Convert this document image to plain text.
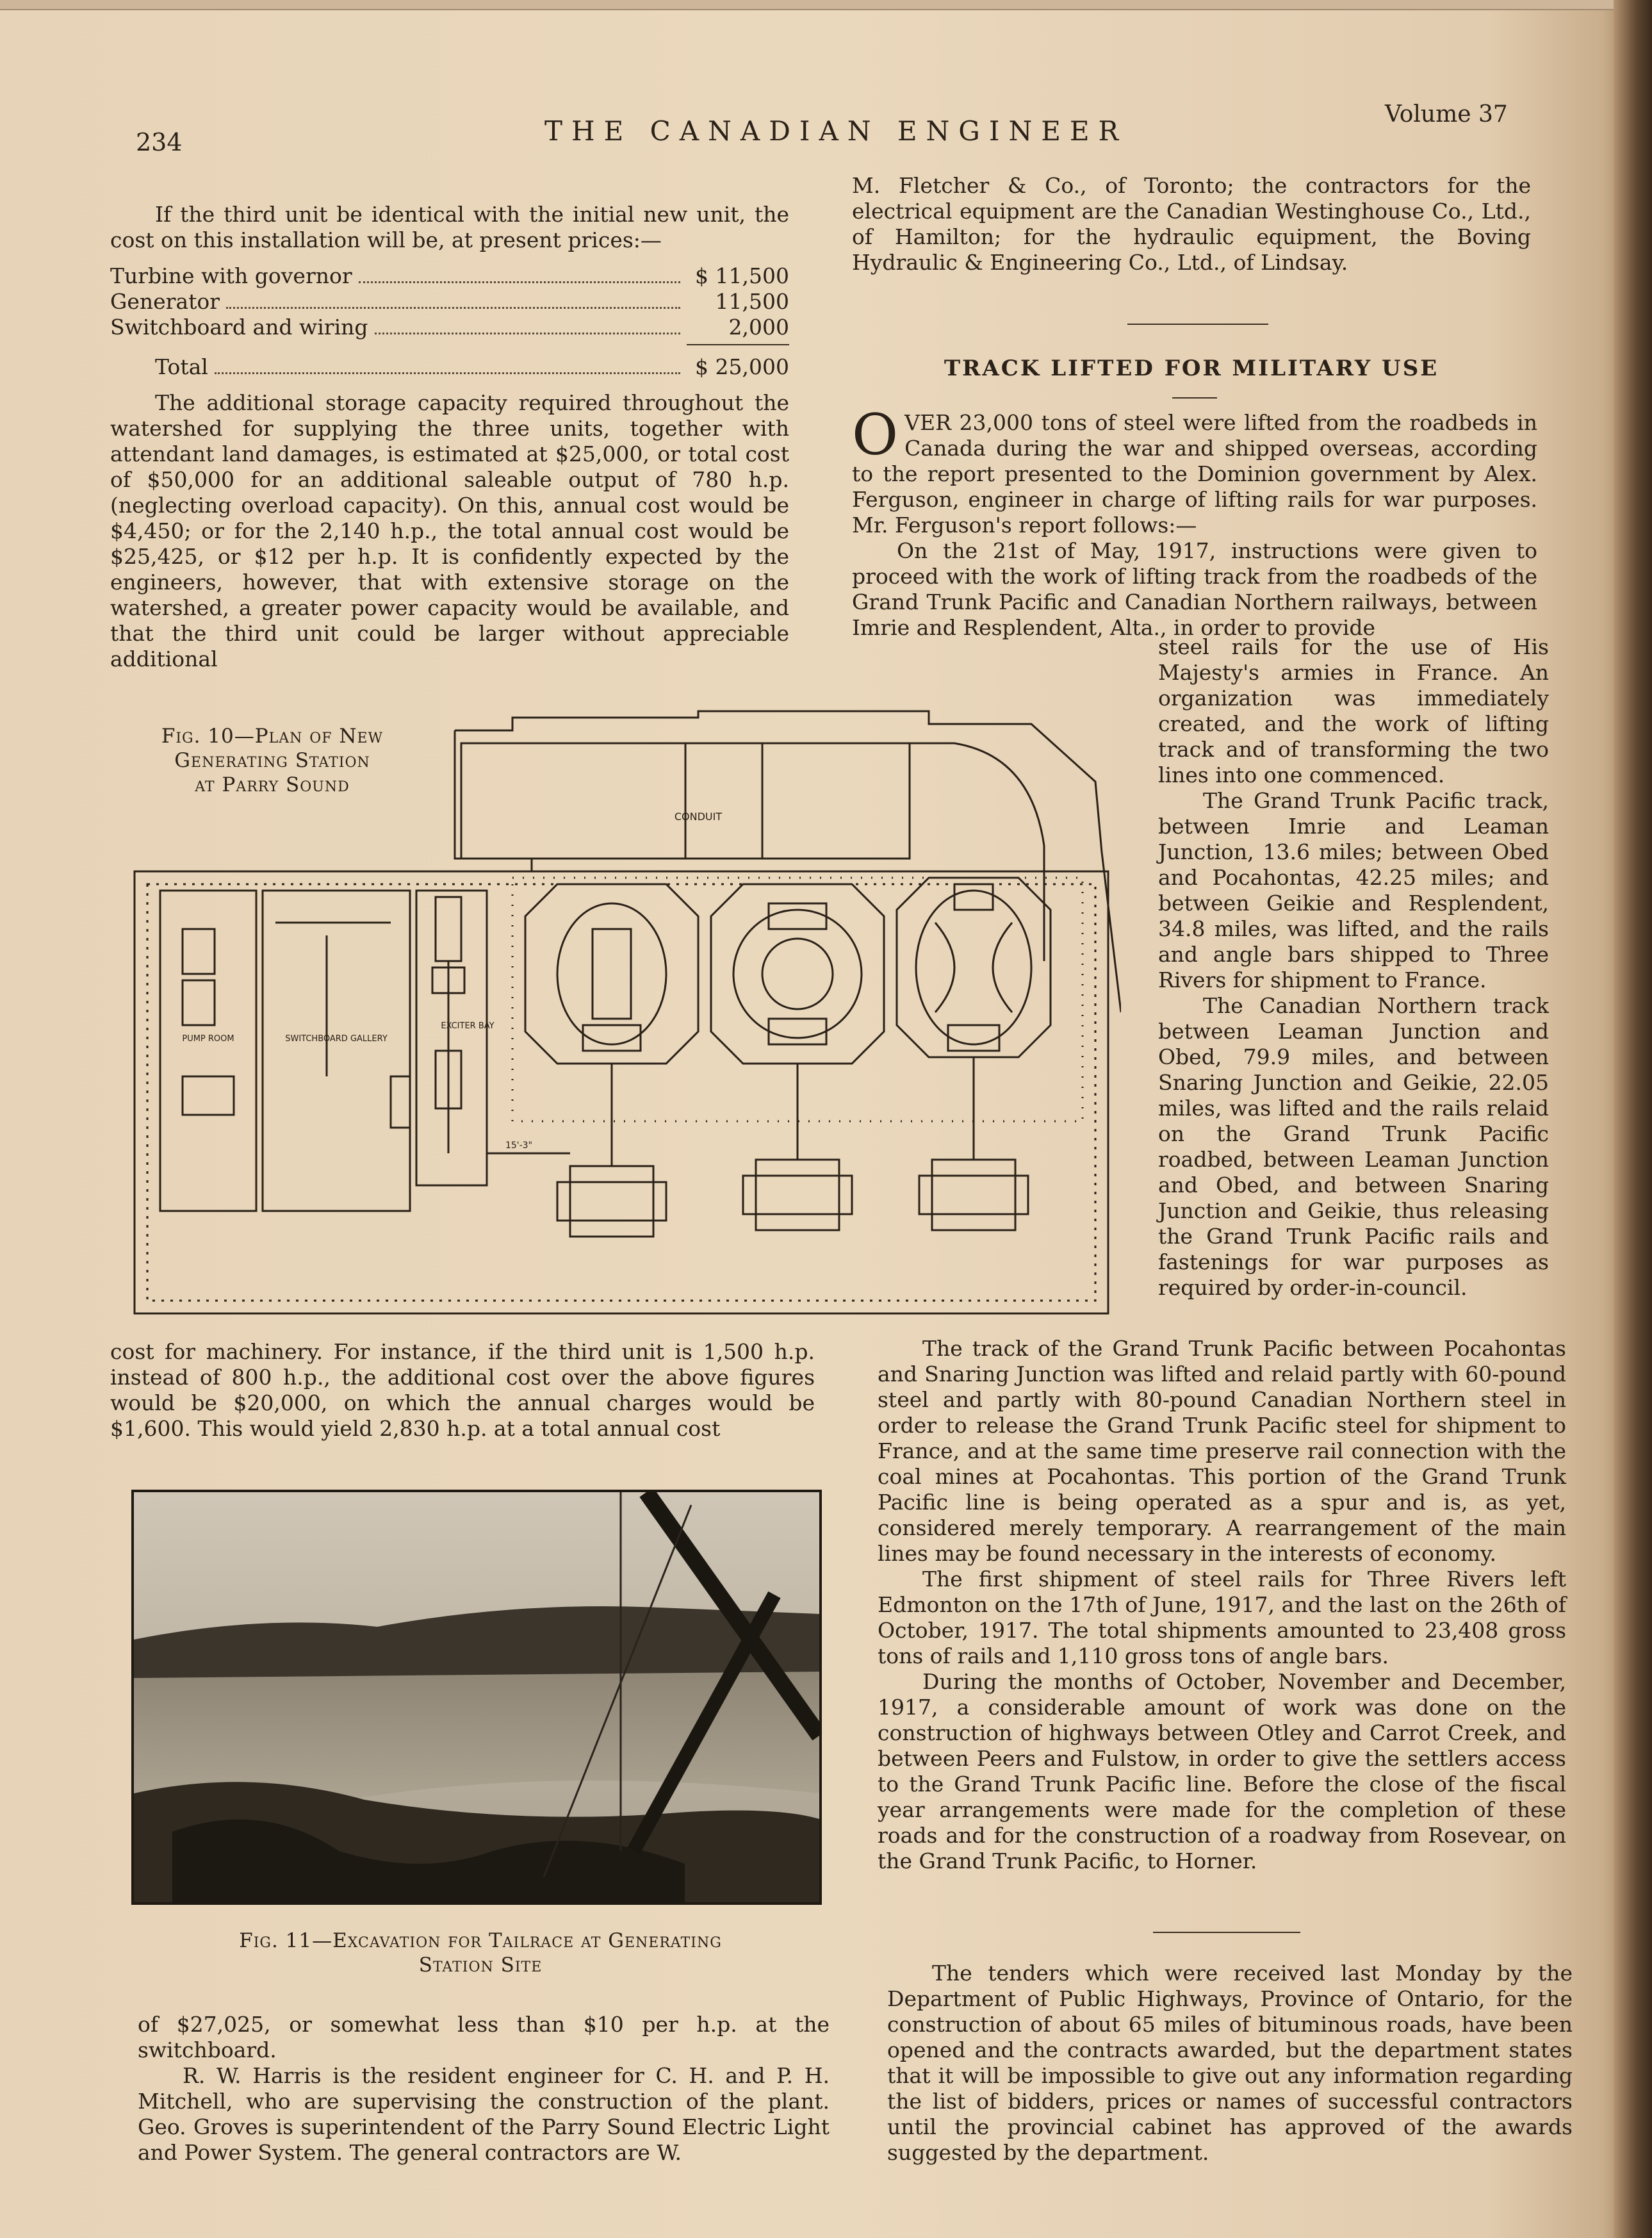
234	THE CANADIAN ENGINEER
Volume 37

If the third unit be identical with the initial new unit, the cost on this installation will be, at present prices:—

Turbine with governor	$ 11,500
Generator	11,500
Switchboard and wiring	2,000
Total	$ 25,000

The additional storage capacity required throughout the watershed for supplying the three units, together with attendant land damages, is estimated at $25,000, or total cost of $50,000 for an additional saleable output of 780 h.p. (neglecting overload capacity). On this, annual cost would be $4,450; or for the 2,140 h.p., the total annual cost would be $25,425, or $12 per h.p. It is confidently expected by the engineers, however, that with extensive storage on the watershed, a greater power capacity would be available, and that the third unit could be larger without appreciable additional

Fig. 10—Plan of New
Generating Station
at Parry Sound
CONDUIT
PUMP ROOM	SWITCHBOARD GALLERY
EXCITER BAY
15'-3"

cost for machinery. For instance, if the third unit is 1,500 h.p. instead of 800 h.p., the additional cost over the above figures would be $20,000, on which the annual charges would be $1,600. This would yield 2,830 h.p. at a total annual cost

Fig. 11—Excavation for Tailrace at Generating
Station Site

of $27,025, or somewhat less than $10 per h.p. at the switchboard.

R. W. Harris is the resident engineer for C. H. and P. H. Mitchell, who are supervising the construction of the plant. Geo. Groves is superintendent of the Parry Sound Electric Light and Power System. The general contractors are W.

M. Fletcher & Co., of Toronto; the contractors for the electrical equipment are the Canadian Westinghouse Co., Ltd., of Hamilton; for the hydraulic equipment, the Boving Hydraulic & Engineering Co., Ltd., of Lindsay.

TRACK LIFTED FOR MILITARY USE

OVER 23,000 tons of steel were lifted from the roadbeds in Canada during the war and shipped overseas, according to the report presented to the Dominion government by Alex. Ferguson, engineer in charge of lifting rails for war purposes. Mr. Ferguson's report follows:—

On the 21st of May, 1917, instructions were given to proceed with the work of lifting track from the roadbeds of the Grand Trunk Pacific and Canadian Northern railways, between Imrie and Resplendent, Alta., in order to provide

steel rails for the use of His Majesty's armies in France. An organization was immediately created, and the work of lifting track and of transforming the two lines into one commenced.

The Grand Trunk Pacific track, between Imrie and Leaman Junction, 13.6 miles; between Obed and Pocahontas, 42.25 miles; and between Geikie and Resplendent, 34.8 miles, was lifted, and the rails and angle bars shipped to Three Rivers for shipment to France.

The Canadian Northern track between Leaman Junction and Obed, 79.9 miles, and between Snaring Junction and Geikie, 22.05 miles, was lifted and the rails relaid on the Grand Trunk Pacific roadbed, between Leaman Junction and Obed, and between Snaring Junction and Geikie, thus releasing the Grand Trunk Pacific rails and fastenings for war purposes as required by order-in-council.

The track of the Grand Trunk Pacific between Pocahontas and Snaring Junction was lifted and relaid partly with 60-pound steel and partly with 80-pound Canadian Northern steel in order to release the Grand Trunk Pacific steel for shipment to France, and at the same time preserve rail connection with the coal mines at Pocahontas. This portion of the Grand Trunk Pacific line is being operated as a spur and is, as yet, considered merely temporary. A rearrangement of the main lines may be found necessary in the interests of economy.

The first shipment of steel rails for Three Rivers left Edmonton on the 17th of June, 1917, and the last on the 26th of October, 1917. The total shipments amounted to 23,408 gross tons of rails and 1,110 gross tons of angle bars.

During the months of October, November and December, 1917, a considerable amount of work was done on the construction of highways between Otley and Carrot Creek, and between Peers and Fulstow, in order to give the settlers access to the Grand Trunk Pacific line. Before the close of the fiscal year arrangements were made for the completion of these roads and for the construction of a roadway from Rosevear, on the Grand Trunk Pacific, to Horner.

The tenders which were received last Monday by the Department of Public Highways, Province of Ontario, for the construction of about 65 miles of bituminous roads, have been opened and the contracts awarded, but the department states that it will be impossible to give out any information regarding the list of bidders, prices or names of successful contractors until the provincial cabinet has approved of the awards suggested by the department.
